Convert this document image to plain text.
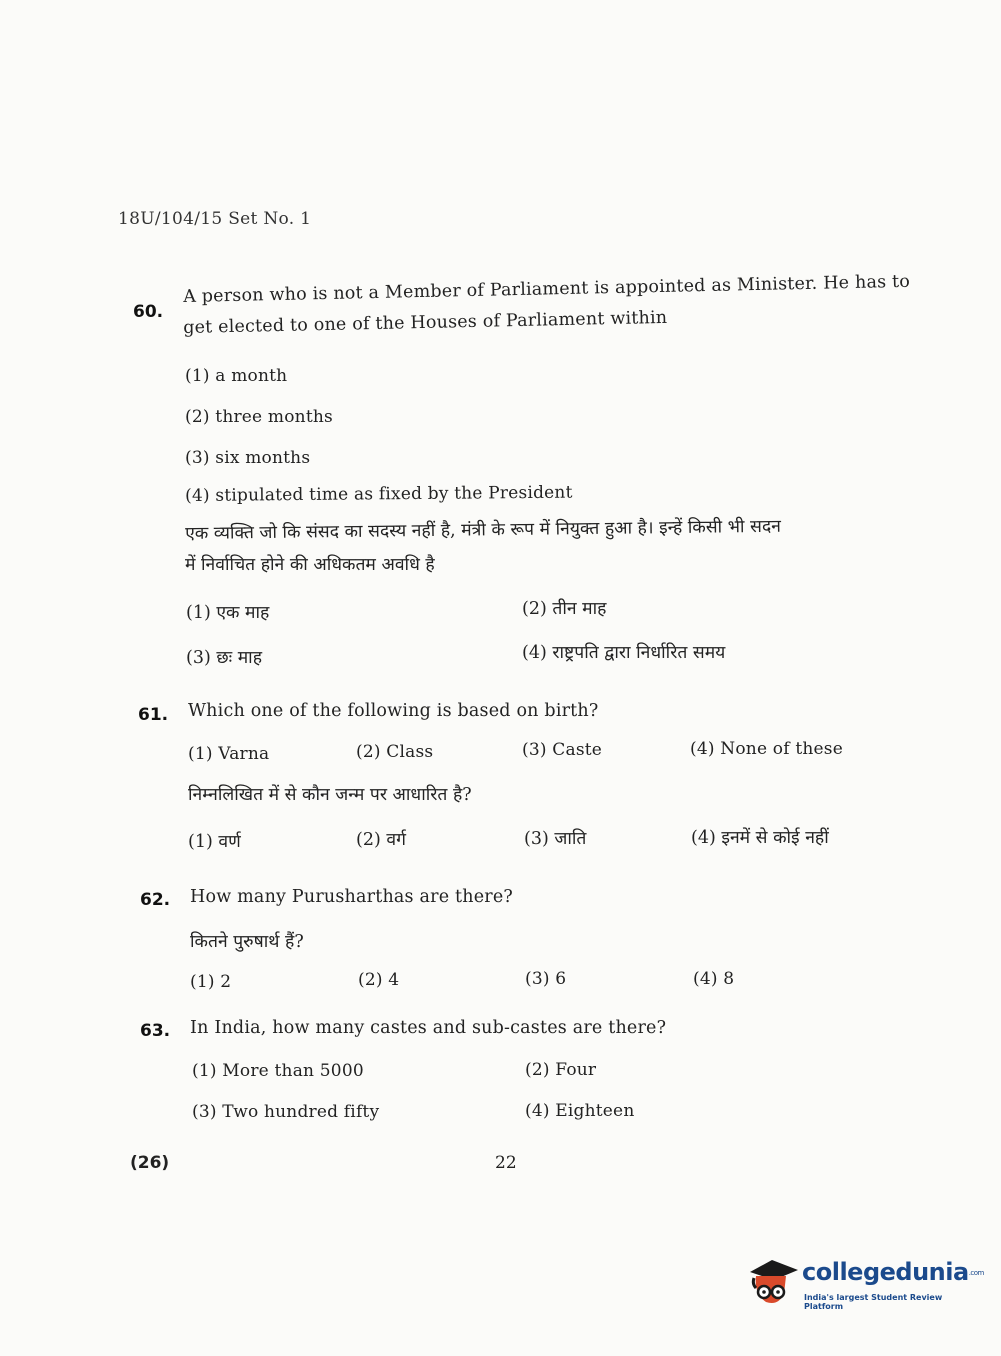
18U/104/15 Set No. 1
60.
A person who is not a Member of Parliament is appointed as Minister. He has to
get elected to one of the Houses of Parliament within
(1) a month
(2) three months
(3) six months
(4) stipulated time as fixed by the President
एक व्यक्ति जो कि संसद का सदस्य नहीं है, मंत्री के रूप में नियुक्त हुआ है। इन्हें किसी भी सदन
में निर्वाचित होने की अधिकतम अवधि है
(1) एक माह	(2) तीन माह
(3) छः माह	(4) राष्ट्रपति द्वारा निर्धारित समय
61. Which one of the following is based on birth?
(1) Varna	(2) Class	(3) Caste	(4) None of these
निम्नलिखित में से कौन जन्म पर आधारित है?
(1) वर्ण	(2) वर्ग	(3) जाति	(4) इनमें से कोई नहीं
62. How many Purusharthas are there?
कितने पुरुषार्थ हैं?
(1) 2	(2) 4	(3) 6	(4) 8
63. In India, how many castes and sub-castes are there?
(1) More than 5000	(2) Four
(3) Two hundred fifty	(4) Eighteen
(26)	22
collegedunia.com
India's largest Student Review Platform
